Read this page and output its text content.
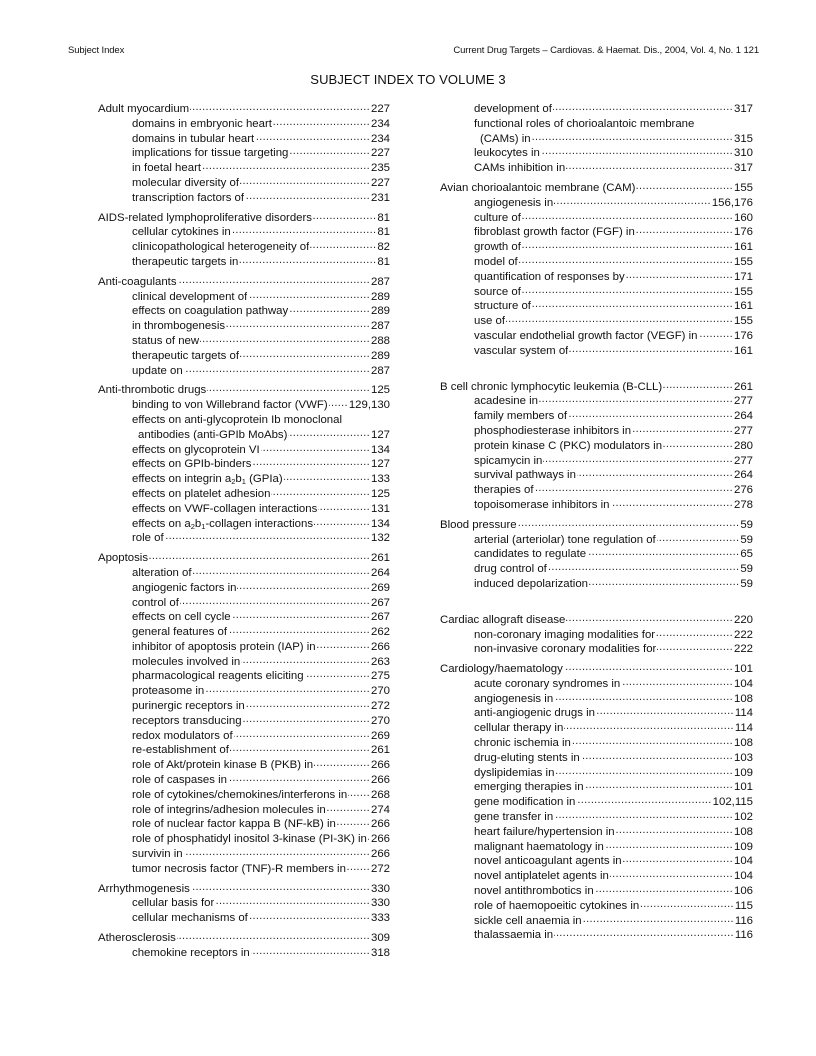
Subject Index	Current Drug Targets – Cardiovas. & Haemat. Dis., 2004, Vol. 4, No. 1 121
SUBJECT INDEX TO VOLUME 3
Adult myocardium .....	227
domains in embryonic heart .....	234
domains in tubular heart .....	234
implications for tissue targeting .....	227
in foetal heart .....	235
molecular diversity of .....	227
transcription factors of .....	231
AIDS-related lymphoproliferative disorders .....	81
cellular cytokines in .....	81
clinicopathological heterogeneity of .....	82
therapeutic targets in .....	81
Anti-coagulants .....	287
clinical development of .....	289
effects on coagulation pathway .....	289
in thrombogenesis .....	287
status of new .....	288
therapeutic targets of .....	289
update on .....	287
Anti-thrombotic drugs .....	125
binding to von Willebrand factor (VWF) ..... 129,130
effects on anti-glycoprotein Ib monoclonal
antibodies (anti-GPIb MoAbs) .....	127
effects on glycoprotein VI .....	134
effects on GPIb-binders .....	127
effects on integrin $a_2b_1$ (GPIa) .....	133
effects on platelet adhesion .....	125
effects on VWF-collagen interactions .....	131
effects on $a_2b_1$-collagen interactions .....	134
role of .....	132
Apoptosis .....	261
alteration of .....	264
angiogenic factors in .....	269
control of .....	267
effects on cell cycle .....	267
general features of .....	262
inhibitor of apoptosis protein (IAP) in .....	266
molecules involved in .....	263
pharmacological reagents eliciting .....	275
proteasome in .....	270
purinergic receptors in .....	272
receptors transducing .....	270
redox modulators of .....	269
re-establishment of .....	261
role of Akt/protein kinase B (PKB) in .....	266
role of caspases in .....	266
role of cytokines/chemokines/interferons in ..... 268
role of integrins/adhesion molecules in .....	274
role of nuclear factor kappa B (NF-kB) in .....	266
role of phosphatidyl inositol 3-kinase (PI-3K) in ..... 266
survivin in .....	266
tumor necrosis factor (TNF)-R members in ..... 272
Arrhythmogenesis .....	330
cellular basis for .....	330
cellular mechanisms of .....	333
Atherosclerosis .....	309
chemokine receptors in .....	318
development of .....	317
functional roles of chorioalantoic membrane
(CAMs) in .....	315
leukocytes in .....	310
CAMs inhibition in .....	317
Avian chorioalantoic membrane (CAM) .....	155
angiogenesis in .....	156,176
culture of .....	160
fibroblast growth factor (FGF) in .....	176
growth of .....	161
model of .....	155
quantification of responses by .....	171
source of .....	155
structure of .....	161
use of .....	155
vascular endothelial growth factor (VEGF) in .....	176
vascular system of .....	161
B cell chronic lymphocytic leukemia (B-CLL) .....	261
acadesine in .....	277
family members of .....	264
phosphodiesterase inhibitors in .....	277
protein kinase C (PKC) modulators in .....	280
spicamycin in .....	277
survival pathways in .....	264
therapies of .....	276
topoisomerase inhibitors in .....	278
Blood pressure .....	59
arterial (arteriolar) tone regulation of .....	59
candidates to regulate .....	65
drug control of .....	59
induced depolarization .....	59
Cardiac allograft disease .....	220
non-coronary imaging modalities for .....	222
non-invasive coronary modalities for .....	222
Cardiology/haematology .....	101
acute coronary syndromes in .....	104
angiogenesis in .....	108
anti-angiogenic drugs in .....	114
cellular therapy in .....	114
chronic ischemia in .....	108
drug-eluting stents in .....	103
dyslipidemias in .....	109
emerging therapies in .....	101
gene modification in .....	102,115
gene transfer in .....	102
heart failure/hypertension in .....	108
malignant haematology in .....	109
novel anticoagulant agents in .....	104
novel antiplatelet agents in .....	104
novel antithrombotics in .....	106
role of haemopoeitic cytokines in .....	115
sickle cell anaemia in .....	116
thalassaemia in .....	116
